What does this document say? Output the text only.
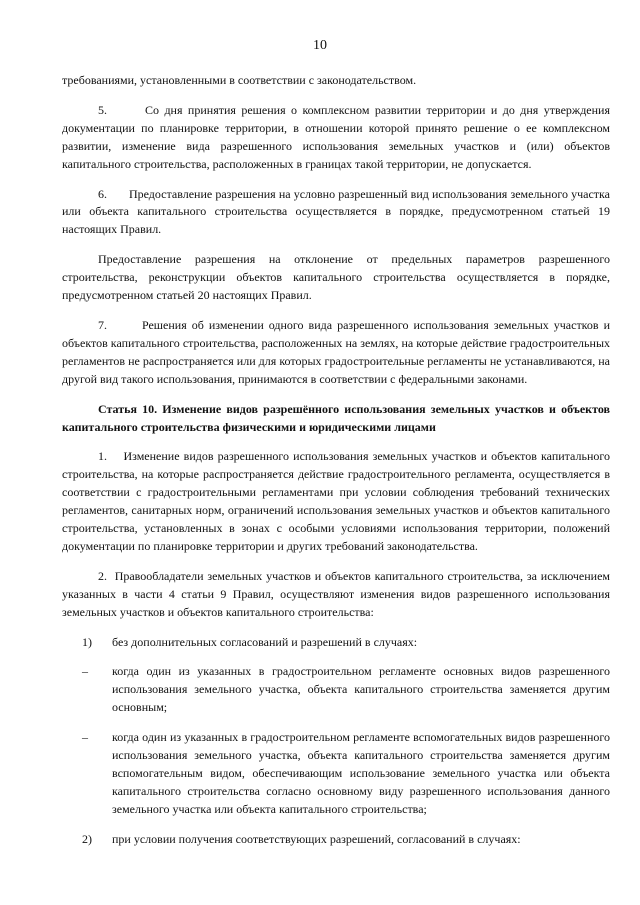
10

требованиями, установленными в соответствии с законодательством.

5.       Со дня принятия решения о комплексном развитии территории и до дня утверждения документации по планировке территории, в отношении которой принято решение о ее комплексном развитии, изменение вида разрешенного использования земельных участков и (или) объектов капитального строительства, расположенных в границах такой территории, не допускается.

6.       Предоставление разрешения на условно разрешенный вид использования земельного участка или объекта капитального строительства осуществляется в порядке, предусмотренном статьей 19 настоящих Правил.

Предоставление разрешения на отклонение от предельных параметров разрешенного строительства, реконструкции объектов капитального строительства осуществляется в порядке, предусмотренном статьей 20 настоящих Правил.

7.       Решения об изменении одного вида разрешенного использования земельных участков и объектов капитального строительства, расположенных на землях, на которые действие градостроительных регламентов не распространяется или для которых градостроительные регламенты не устанавливаются, на другой вид такого использования, принимаются в соответствии с федеральными законами.

Статья 10. Изменение видов разрешённого использования земельных участков и объектов капитального строительства физическими и юридическими лицами

1.    Изменение видов разрешенного использования земельных участков и объектов капитального строительства, на которые распространяется действие градостроительного регламента, осуществляется в соответствии с градостроительными регламентами при условии соблюдения требований технических регламентов, санитарных норм, ограничений использования земельных участков и объектов капитального строительства, установленных в зонах с особыми условиями использования территории, положений документации по планировке территории и других требований законодательства.

2.  Правообладатели земельных участков и объектов капитального строительства, за исключением указанных в части 4 статьи 9 Правил, осуществляют изменения видов разрешенного использования земельных участков и объектов капитального строительства:

1)	без дополнительных согласований и разрешений в случаях:

–	когда один из указанных в градостроительном регламенте основных видов разрешенного использования земельного участка, объекта капитального строительства заменяется другим основным;

–	когда один из указанных в градостроительном регламенте вспомогательных видов разрешенного использования земельного участка, объекта капитального строительства заменяется другим вспомогательным видом, обеспечивающим использование земельного участка или объекта капитального строительства согласно основному виду разрешенного использования данного земельного участка или объекта капитального строительства;

2)	при условии получения соответствующих разрешений, согласований в случаях:
